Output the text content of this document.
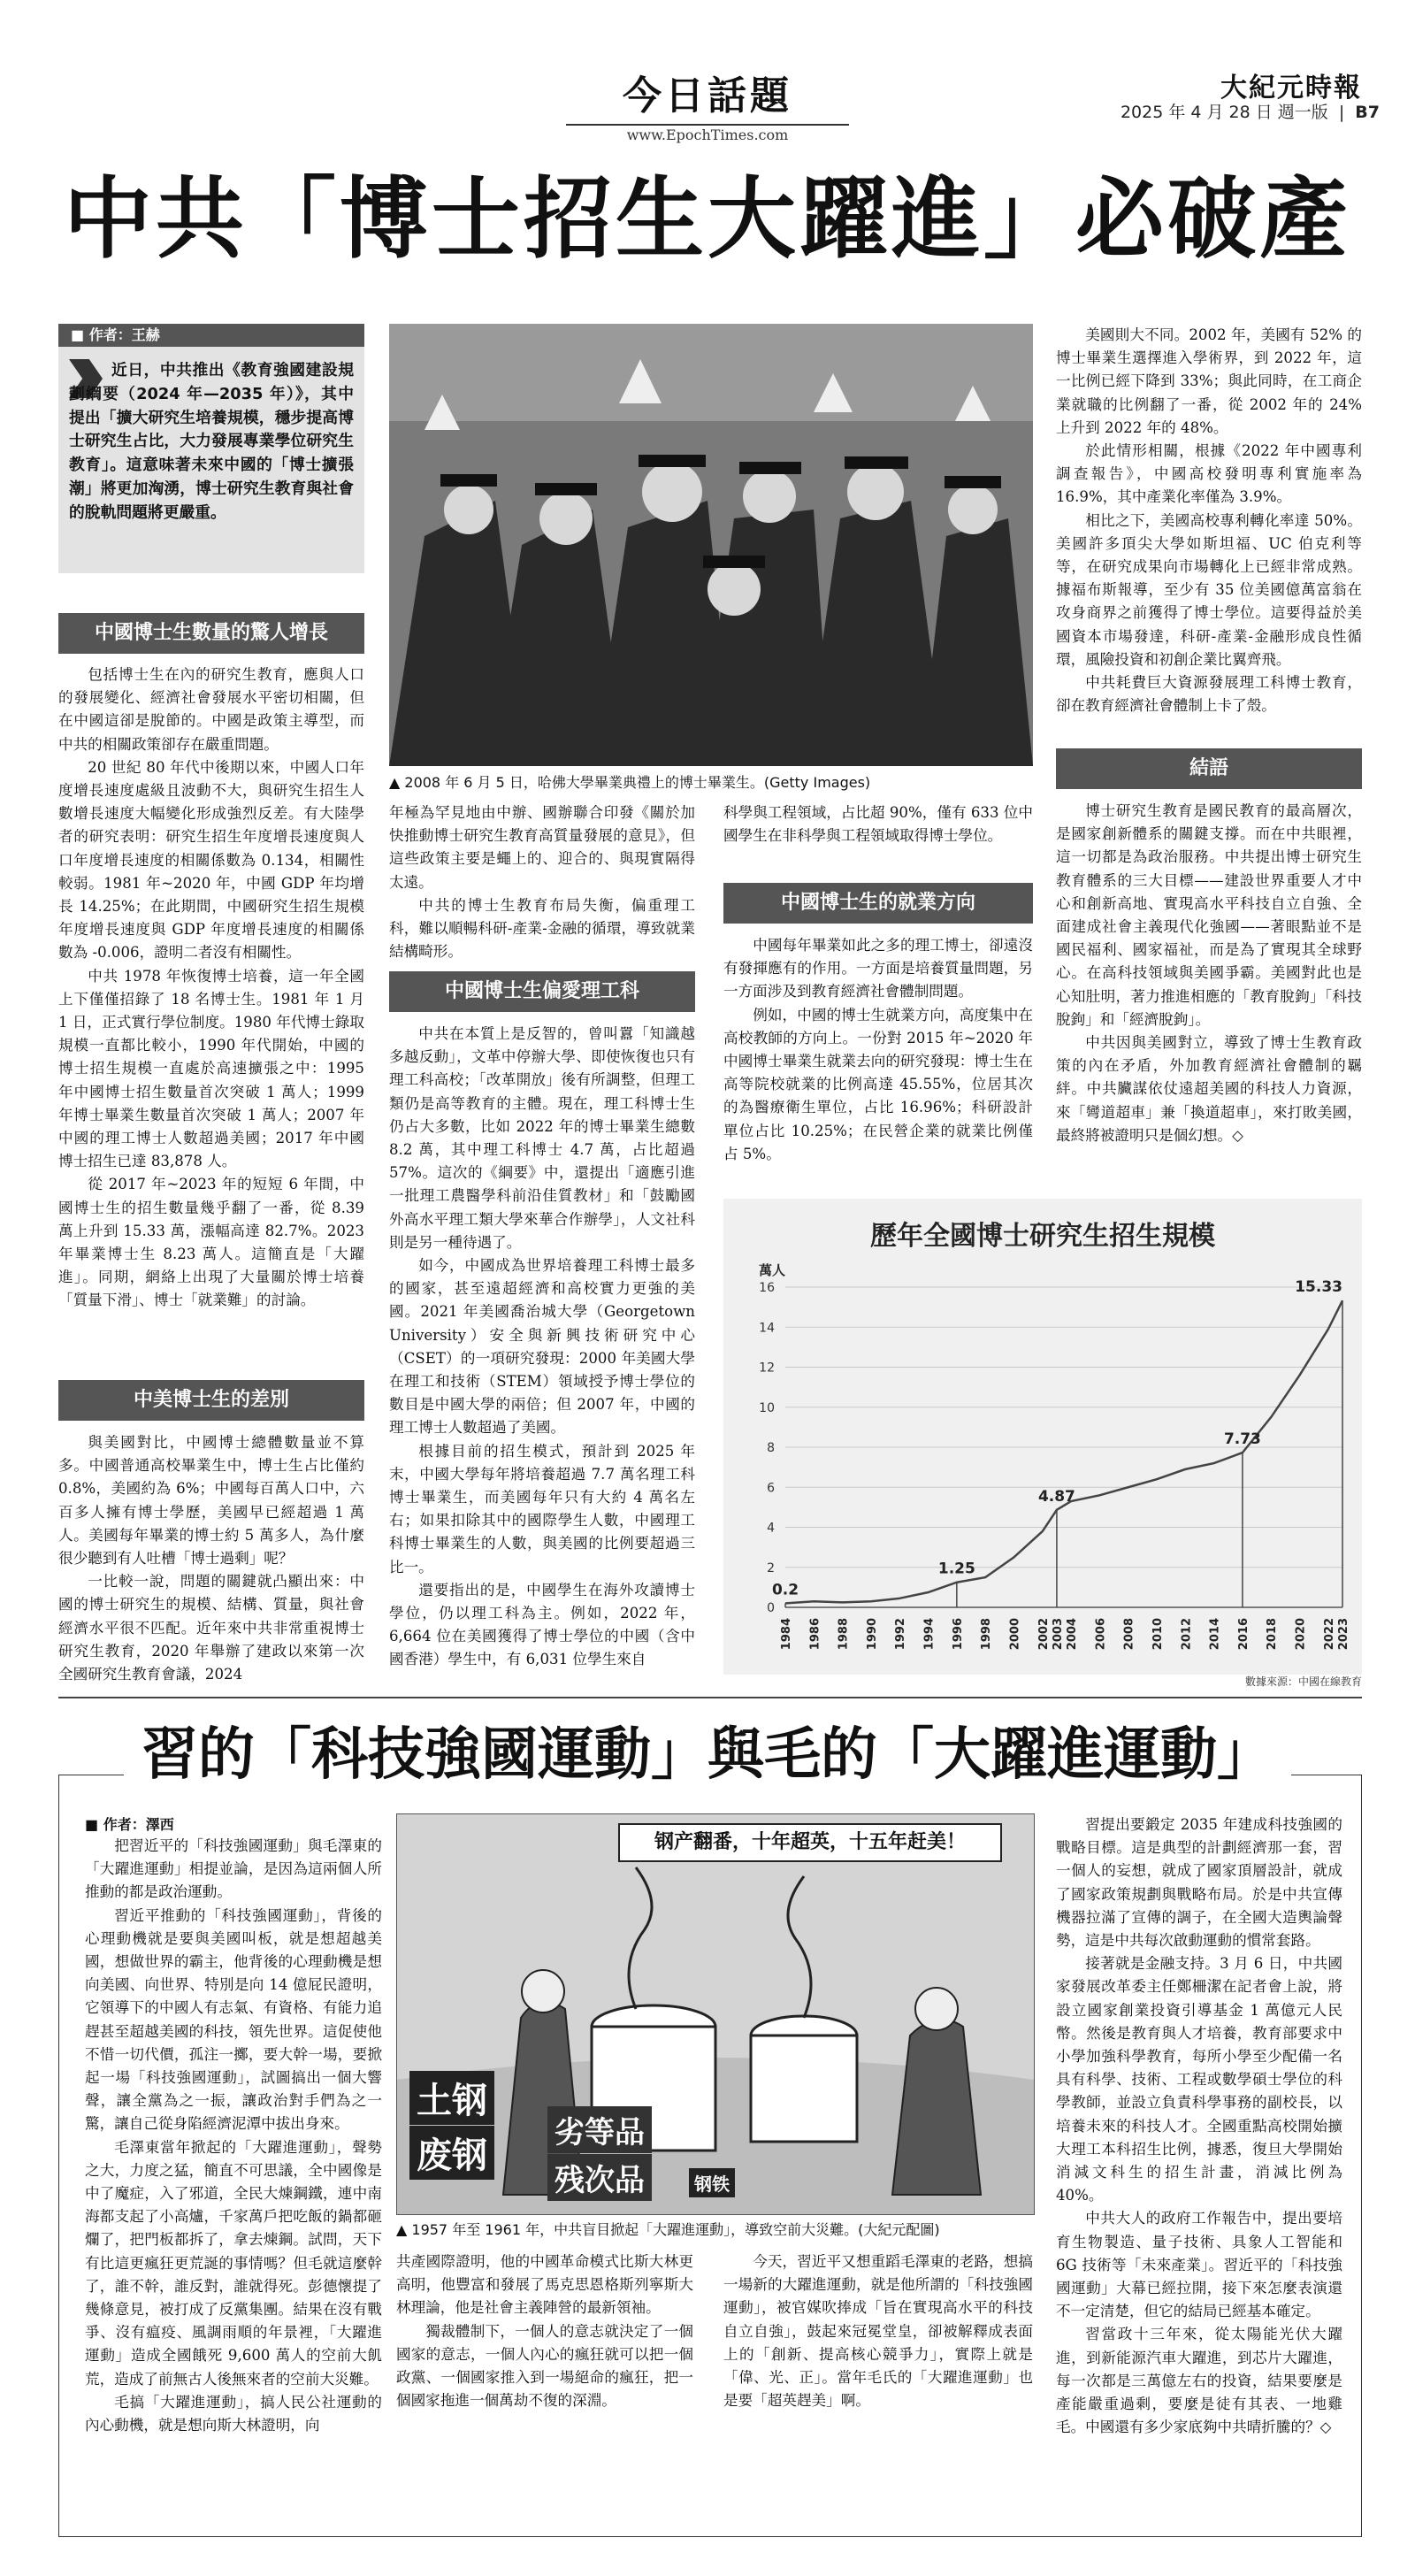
今日話題
www.EpochTimes.com
大紀元時報
2025 年 4 月 28 日 週一版 | B7
中共「博士招生大躍進」必破產
■ 作者：王赫
近日，中共推出《教育強國建設規劃綱要（2024 年—2035 年）》，其中提出「擴大研究生培養規模，穩步提高博士研究生占比，大力發展專業學位研究生教育」。這意味著未來中國的「博士擴張潮」將更加洶湧，博士研究生教育與社會的脫軌問題將更嚴重。
▲ 2008 年 6 月 5 日，哈佛大學畢業典禮上的博士畢業生。(Getty Images)
中國博士生數量的驚人增長

包括博士生在內的研究生教育，應與人口的發展變化、經濟社會發展水平密切相關，但在中國這卻是脫節的。中國是政策主導型，而中共的相關政策卻存在嚴重問題。

20 世紀 80 年代中後期以來，中國人口年度增長速度處級且波動不大，與研究生招生人數增長速度大幅變化形成強烈反差。有大陸學者的研究表明：研究生招生年度增長速度與人口年度增長速度的相關係數為 0.134，相關性較弱。1981 年~2020 年，中國 GDP 年均增長 14.25%；在此期間，中國研究生招生規模年度增長速度與 GDP 年度增長速度的相關係數為 -0.006，證明二者沒有相關性。

中共 1978 年恢復博士培養，這一年全國上下僅僅招錄了 18 名博士生。1981 年 1 月 1 日，正式實行學位制度。1980 年代博士錄取規模一直都比較小，1990 年代開始，中國的博士招生規模一直處於高速擴張之中：1995 年中國博士招生數量首次突破 1 萬人；1999 年博士畢業生數量首次突破 1 萬人；2007 年中國的理工博士人數超過美國；2017 年中國博士招生已達 83,878 人。

從 2017 年~2023 年的短短 6 年間，中國博士生的招生數量幾乎翻了一番，從 8.39 萬上升到 15.33 萬，漲幅高達 82.7%。2023 年畢業博士生 8.23 萬人。這簡直是「大躍進」。同期，網絡上出現了大量關於博士培養「質量下滑」、博士「就業難」的討論。

中美博士生的差別

與美國對比，中國博士總體數量並不算多。中國普通高校畢業生中，博士生占比僅約 0.8%，美國約為 6%；中國每百萬人口中，六百多人擁有博士學歷，美國早已經超過 1 萬人。美國每年畢業的博士約 5 萬多人，為什麼很少聽到有人吐槽「博士過剩」呢？

一比較一說，問題的關鍵就凸顯出來：中國的博士研究生的規模、結構、質量，與社會經濟水平很不匹配。近年來中共非常重視博士研究生教育，2020 年舉辦了建政以來第一次全國研究生教育會議，2024

年極為罕見地由中辦、國辦聯合印發《關於加快推動博士研究生教育高質量發展的意見》，但這些政策主要是蠅上的、迎合的、與現實隔得太遠。

中共的博士生教育布局失衡，偏重理工科，難以順暢科研-產業-金融的循環，導致就業結構畸形。

中國博士生偏愛理工科

中共在本質上是反智的，曾叫囂「知識越多越反動」，文革中停辦大學、即使恢復也只有理工科高校；「改革開放」後有所調整，但理工類仍是高等教育的主體。現在，理工科博士生仍占大多數，比如 2022 年的博士畢業生總數 8.2 萬，其中理工科博士 4.7 萬，占比超過 57%。這次的《綱要》中，還提出「適應引進一批理工農醫學科前沿佳質教材」和「鼓勵國外高水平理工類大學來華合作辦學」，人文社科則是另一種待遇了。

如今，中國成為世界培養理工科博士最多的國家，甚至遠超經濟和高校實力更強的美國。2021 年美國喬治城大學（Georgetown University）安全與新興技術研究中心（CSET）的一項研究發現：2000 年美國大學在理工和技術（STEM）領域授予博士學位的數目是中國大學的兩倍；但 2007 年，中國的理工博士人數超過了美國。

根據目前的招生模式，預計到 2025 年末，中國大學每年將培養超過 7.7 萬名理工科博士畢業生，而美國每年只有大約 4 萬名左右；如果扣除其中的國際學生人數，中國理工科博士畢業生的人數，與美國的比例要超過三比一。

還要指出的是，中國學生在海外攻讀博士學位，仍以理工科為主。例如，2022 年，6,664 位在美國獲得了博士學位的中國（含中國香港）學生中，有 6,031 位學生來自

科學與工程領域，占比超 90%，僅有 633 位中國學生在非科學與工程領域取得博士學位。

中國博士生的就業方向

中國每年畢業如此之多的理工博士，卻遠沒有發揮應有的作用。一方面是培養質量問題，另一方面涉及到教育經濟社會體制問題。

例如，中國的博士生就業方向，高度集中在高校教師的方向上。一份對 2015 年~2020 年中國博士畢業生就業去向的研究發現：博士生在高等院校就業的比例高達 45.55%，位居其次的為醫療衛生單位，占比 16.96%；科研設計單位占比 10.25%；在民營企業的就業比例僅占 5%。

美國則大不同。2002 年，美國有 52% 的博士畢業生選擇進入學術界，到 2022 年，這一比例已經下降到 33%；與此同時，在工商企業就職的比例翻了一番，從 2002 年的 24% 上升到 2022 年的 48%。

於此情形相關，根據《2022 年中國專利調查報告》，中國高校發明專利實施率為 16.9%，其中產業化率僅為 3.9%。

相比之下，美國高校專利轉化率達 50%。美國許多頂尖大學如斯坦福、UC 伯克利等等，在研究成果向市場轉化上已經非常成熟。據福布斯報導，至少有 35 位美國億萬富翁在攻身商界之前獲得了博士學位。這要得益於美國資本市場發達，科研-產業-金融形成良性循環，風險投資和初創企業比翼齊飛。

中共耗費巨大資源發展理工科博士教育，卻在教育經濟社會體制上卡了殼。

結語

博士研究生教育是國民教育的最高層次，是國家創新體系的關鍵支撐。而在中共眼裡，這一切都是為政治服務。中共提出博士研究生教育體系的三大目標——建設世界重要人才中心和創新高地、實現高水平科技自立自強、全面建成社會主義現代化強國——著眼點並不是國民福利、國家福祉，而是為了實現其全球野心。在高科技領域與美國爭霸。美國對此也是心知肚明，著力推進相應的「教育脫鉤」「科技脫鉤」和「經濟脫鉤」。

中共因與美國對立，導致了博士生教育政策的內在矛盾，外加教育經濟社會體制的羈絆。中共臟謀依仗遠超美國的科技人力資源，來「彎道超車」兼「換道超車」，來打敗美國，最終將被證明只是個幻想。◇

歷年全國博士研究生招生規模
萬人
0
2
4
6
8
10
12
14
16
1984 1986 1988 1990 1992 1994 1996 1998 2000 2002 2003 2004 2006 2008 2010 2012 2014 2016 2018 2020 2022 2023
0.2
1.25
4.87
7.73
15.33
數據來源：中國在線教育
習的「科技強國運動」與毛的「大躍進運動」
■ 作者：澤西

把習近平的「科技強國運動」與毛澤東的「大躍進運動」相提並論，是因為這兩個人所推動的都是政治運動。

習近平推動的「科技強國運動」，背後的心理動機就是要與美國叫板，就是想超越美國，想做世界的霸主，他背後的心理動機是想向美國、向世界、特別是向 14 億屁民證明，它領導下的中國人有志氣、有資格、有能力追趕甚至超越美國的科技，領先世界。這促使他不惜一切代價，孤注一擲，要大幹一場，要掀起一場「科技強國運動」，試圖搞出一個大響聲，讓全黨為之一振，讓政治對手們為之一驚，讓自己從身陷經濟泥潭中拔出身來。

毛澤東當年掀起的「大躍進運動」，聲勢之大，力度之猛，簡直不可思議，全中國像是中了魔症，入了邪道，全民大煉鋼鐵，連中南海都支起了小高爐，千家萬戶把吃飯的鍋都砸爛了，把門板都拆了，拿去煉鋼。試問，天下有比這更瘋狂更荒誕的事情嗎？但毛就這麼幹了，誰不幹，誰反對，誰就得死。彭德懷提了幾條意見，被打成了反黨集團。結果在沒有戰爭、沒有瘟疫、風調雨順的年景裡，「大躍進運動」造成全國餓死 9,600 萬人的空前大飢荒，造成了前無古人後無來者的空前大災難。

毛搞「大躍進運動」，搞人民公社運動的內心動機，就是想向斯大林證明，向

钢产翻番，十年超英，十五年赶美！
土钢
废钢
劣等品
残次品	钢铁
▲ 1957 年至 1961 年，中共盲目掀起「大躍進運動」，導致空前大災難。(大紀元配圖)

共產國際證明，他的中國革命模式比斯大林更高明，他豐富和發展了馬克思恩格斯列寧斯大林理論，他是社會主義陣營的最新領袖。

獨裁體制下，一個人的意志就決定了一個國家的意志，一個人內心的瘋狂就可以把一個政黨、一個國家推入到一場絕命的瘋狂，把一個國家拖進一個萬劫不復的深淵。

今天，習近平又想重蹈毛澤東的老路，想搞一場新的大躍進運動，就是他所謂的「科技強國運動」，被官媒吹捧成「旨在實現高水平的科技自立自強」，鼓起來冠冕堂皇，卻被解釋成表面上的「創新、提高核心競爭力」，實際上就是「偉、光、正」。當年毛氏的「大躍進運動」也是要「超英趕美」啊。

習提出要鍛定 2035 年建成科技強國的戰略目標。這是典型的計劃經濟那一套，習一個人的妄想，就成了國家頂層設計，就成了國家政策規劃與戰略布局。於是中共宣傳機器拉滿了宣傳的調子，在全國大造輿論聲勢，這是中共每次啟動運動的慣常套路。

接著就是金融支持。3 月 6 日，中共國家發展改革委主任鄭柵潔在記者會上說，將設立國家創業投資引導基金 1 萬億元人民幣。然後是教育與人才培養，教育部要求中小學加強科學教育，每所小學至少配備一名具有科學、技術、工程或數學碩士學位的科學教師，並設立負責科學事務的副校長，以培養未來的科技人才。全國重點高校開始擴大理工本科招生比例，據悉，復旦大學開始消減文科生的招生計畫，消減比例為 40%。

中共大人的政府工作報告中，提出要培育生物製造、量子技術、具象人工智能和 6G 技術等「未來產業」。習近平的「科技強國運動」大幕已經拉開，接下來怎麼表演還不一定清楚，但它的結局已經基本確定。

習當政十三年來，從太陽能光伏大躍進，到新能源汽車大躍進，到芯片大躍進，每一次都是三萬億左右的投資，結果要麼是產能嚴重過剩，要麼是徒有其表、一地雞毛。中國還有多少家底夠中共晴折騰的？◇
